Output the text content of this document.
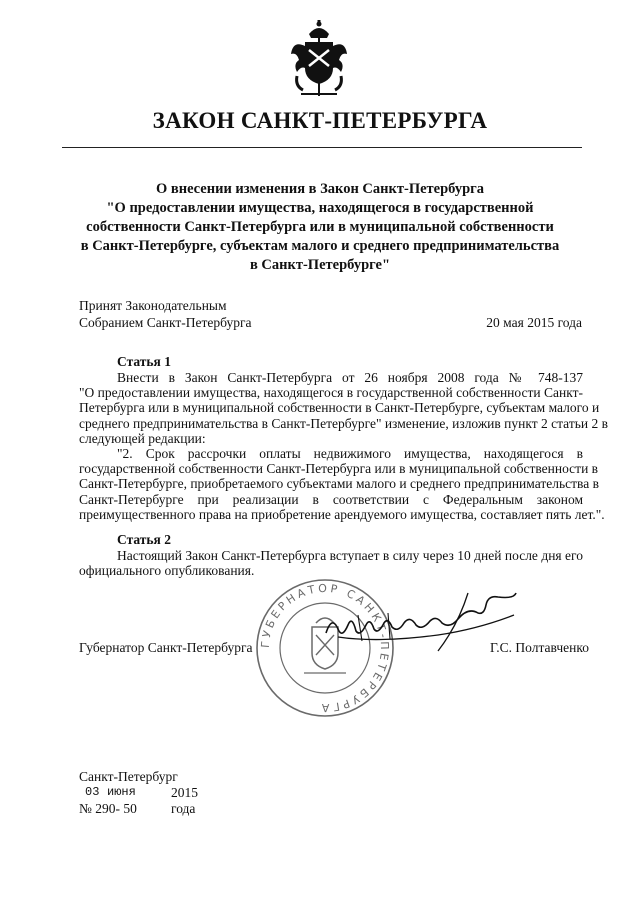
ЗАКОН САНКТ-ПЕТЕРБУРГА
О внесении изменения в Закон Санкт-Петербурга
"О предоставлении имущества, находящегося в государственной
собственности Санкт-Петербурга или в муниципальной собственности
в Санкт-Петербурге, субъектам малого и среднего предпринимательства
в Санкт-Петербурге"
Принят Законодательным
Собранием Санкт-Петербурга	20 мая 2015 года
Статья 1
Внести в Закон Санкт-Петербурга от 26 ноября 2008 года № 748-137
"О предоставлении имущества, находящегося в государственной собственности Санкт-
Петербурга или в муниципальной собственности в Санкт-Петербурге, субъектам малого и
среднего предпринимательства в Санкт-Петербурге" изменение, изложив пункт 2 статьи 2 в
следующей редакции:
"2. Срок рассрочки оплаты недвижимого имущества, находящегося в
государственной собственности Санкт-Петербурга или в муниципальной собственности в
Санкт-Петербурге, приобретаемого субъектами малого и среднего предпринимательства в
Санкт-Петербурге при реализации в соответствии с Федеральным законом
преимущественного права на приобретение арендуемого имущества, составляет пять лет.".
Статья 2
Настоящий Закон Санкт-Петербурга вступает в силу через 10 дней после дня его
официального опубликования.
ГУБЕРНАТОР САНКТ-ПЕТЕРБУРГА
Губернатор Санкт-Петербурга	Г.С. Полтавченко
Санкт-Петербург
03 июня	2015 года
№ 290- 50
